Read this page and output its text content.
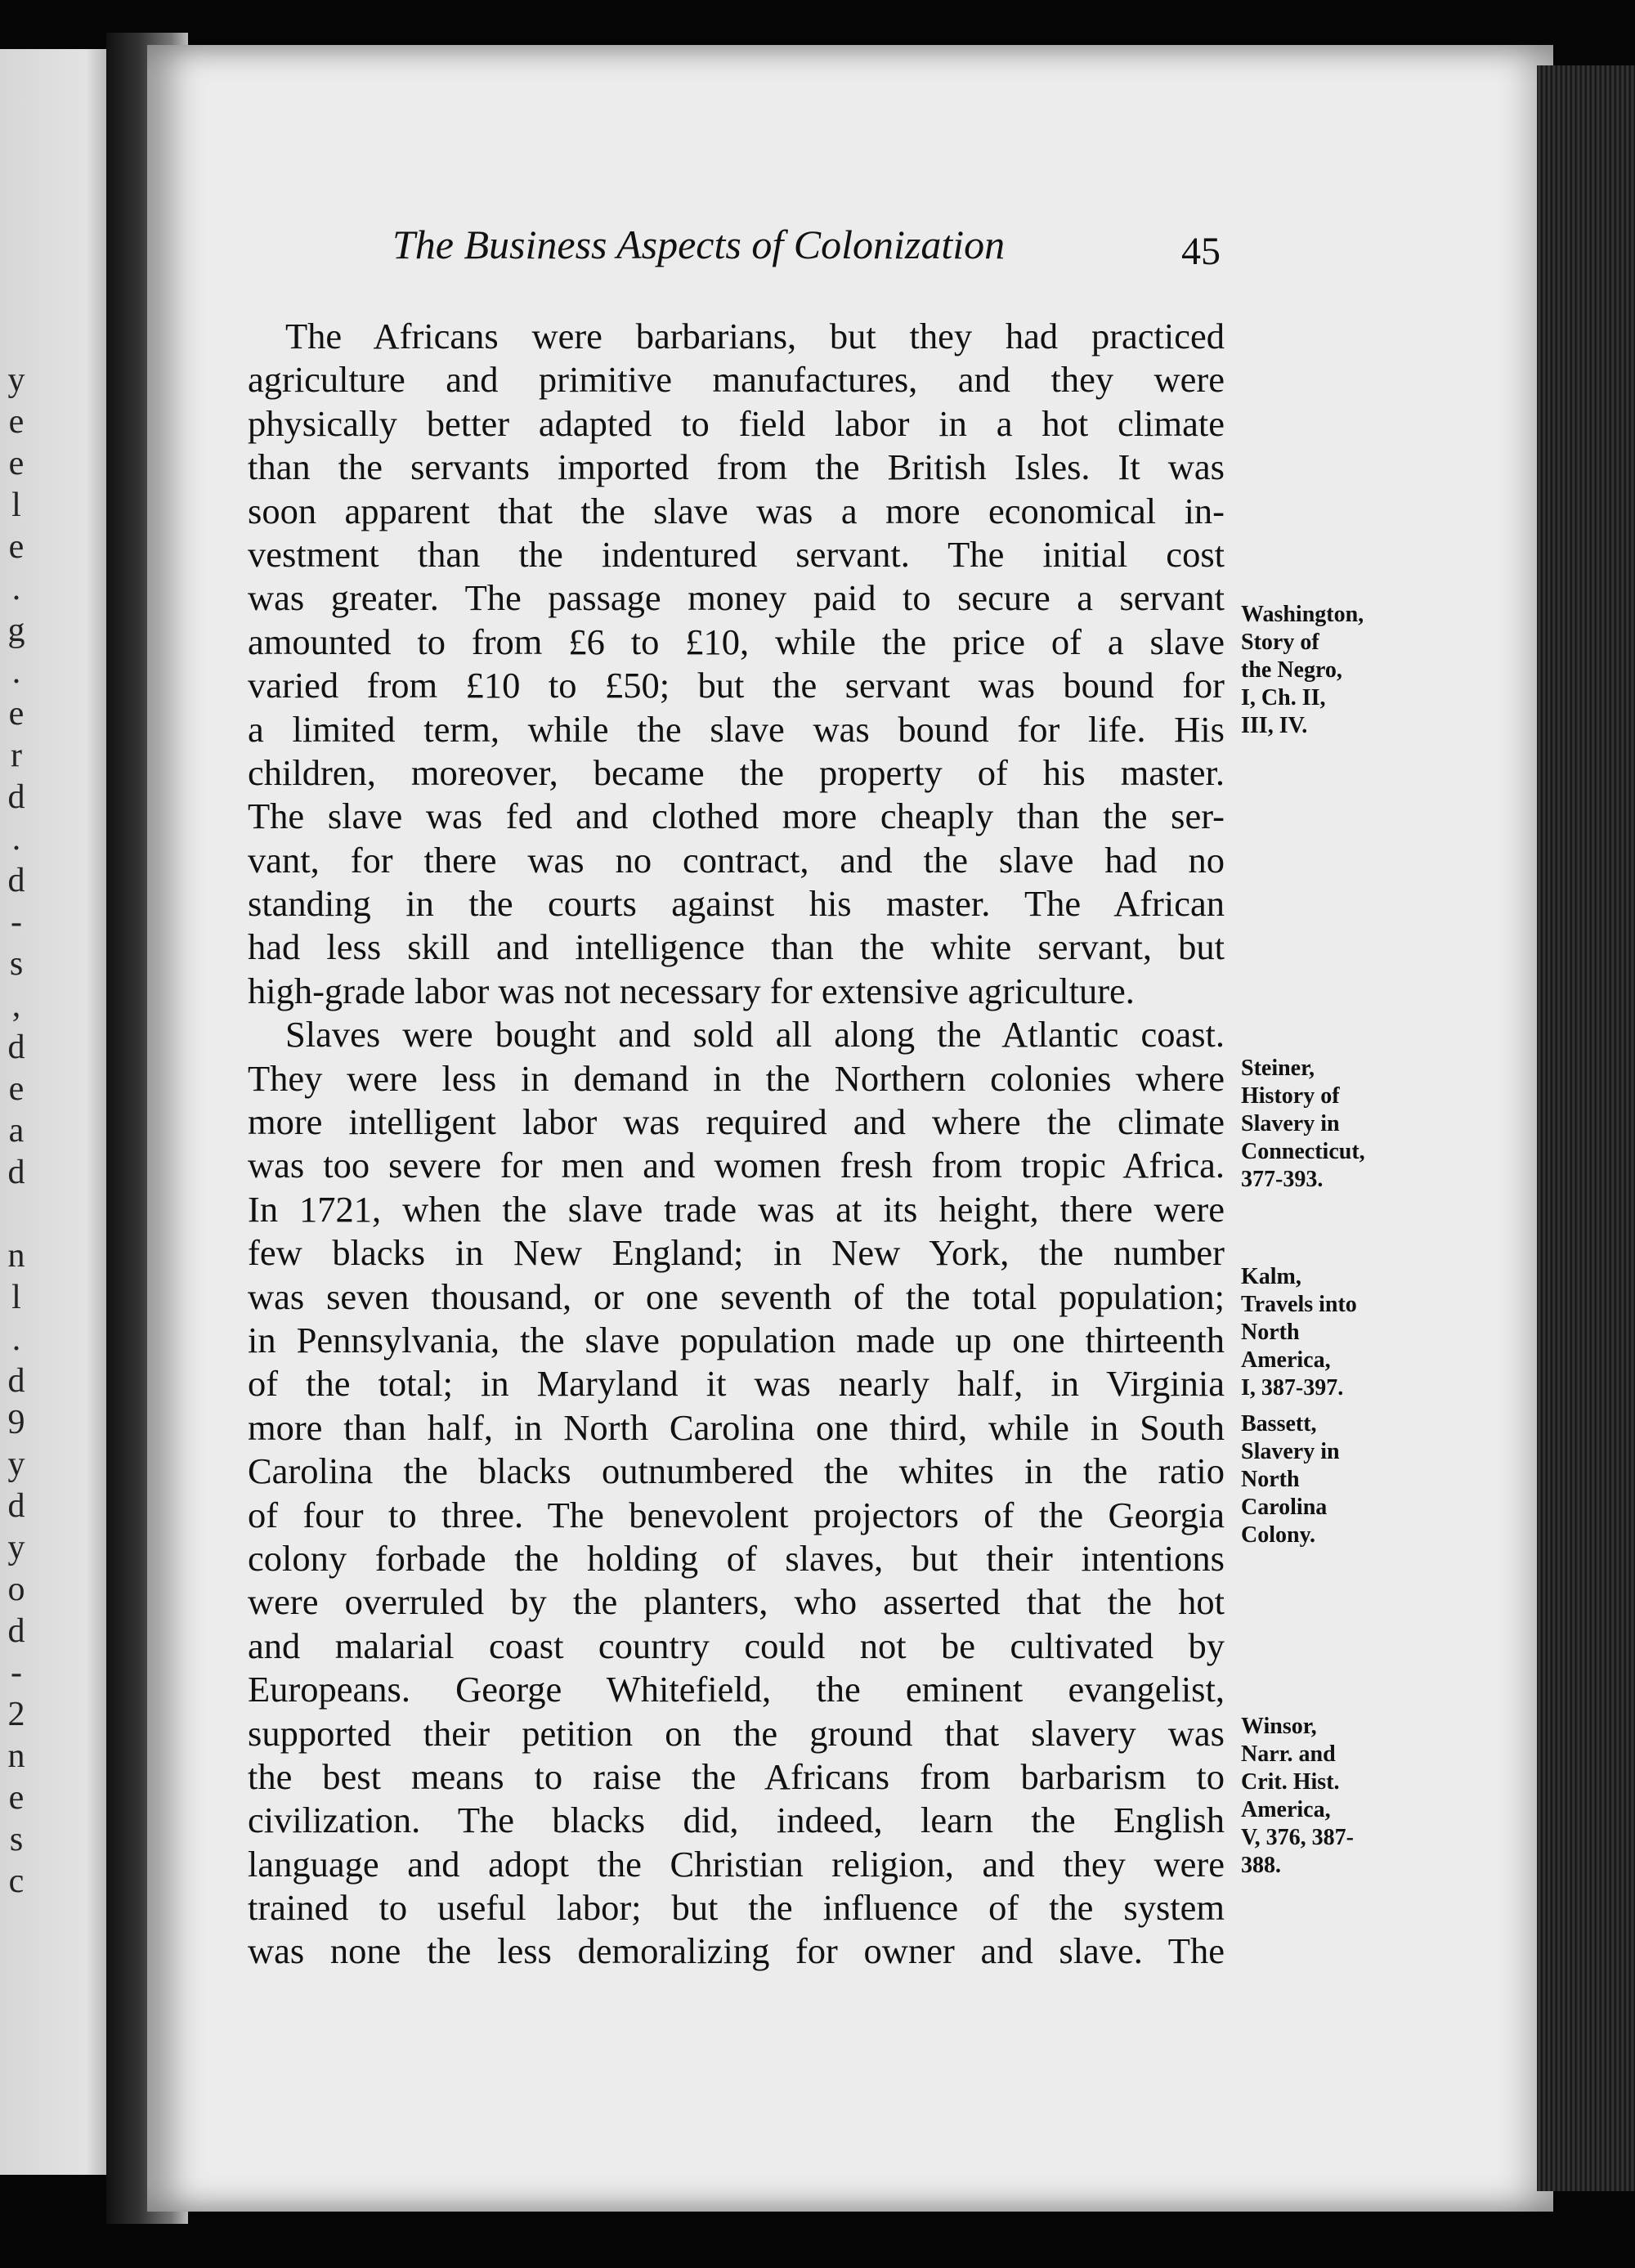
y
e
e
l
e
.
g
.
e
r
d
.
d
-
s
,
d
e
a
d

n
l
.
d
9
y
d
y
o
d
-
2
n
e
s
c
The Business Aspects of Colonization	45
The Africans were barbarians, but they had practiced
agriculture and primitive manufactures, and they were
physically better adapted to field labor in a hot climate
than the servants imported from the British Isles. It was
soon apparent that the slave was a more economical in-
vestment than the indentured servant. The initial cost
was greater. The passage money paid to secure a servant
amounted to from £6 to £10, while the price of a slave
varied from £10 to £50; but the servant was bound for
a limited term, while the slave was bound for life. His
children, moreover, became the property of his master.
The slave was fed and clothed more cheaply than the ser-
vant, for there was no contract, and the slave had no
standing in the courts against his master. The African
had less skill and intelligence than the white servant, but
high-grade labor was not necessary for extensive agriculture.
Slaves were bought and sold all along the Atlantic coast.
They were less in demand in the Northern colonies where
more intelligent labor was required and where the climate
was too severe for men and women fresh from tropic Africa.
In 1721, when the slave trade was at its height, there were
few blacks in New England; in New York, the number
was seven thousand, or one seventh of the total population;
in Pennsylvania, the slave population made up one thirteenth
of the total; in Maryland it was nearly half, in Virginia
more than half, in North Carolina one third, while in South
Carolina the blacks outnumbered the whites in the ratio
of four to three. The benevolent projectors of the Georgia
colony forbade the holding of slaves, but their intentions
were overruled by the planters, who asserted that the hot
and malarial coast country could not be cultivated by
Europeans. George Whitefield, the eminent evangelist,
supported their petition on the ground that slavery was
the best means to raise the Africans from barbarism to
civilization. The blacks did, indeed, learn the English
language and adopt the Christian religion, and they were
trained to useful labor; but the influence of the system
was none the less demoralizing for owner and slave. The
Washington,
Story of
the Negro,
I, Ch. II,
III, IV.
Steiner,
History of
Slavery in
Connecticut,
377-393.
Kalm,
Travels into
North
America,
I, 387-397.
Bassett,
Slavery in
North
Carolina
Colony.
Winsor,
Narr. and
Crit. Hist.
America,
V, 376, 387-
388.
